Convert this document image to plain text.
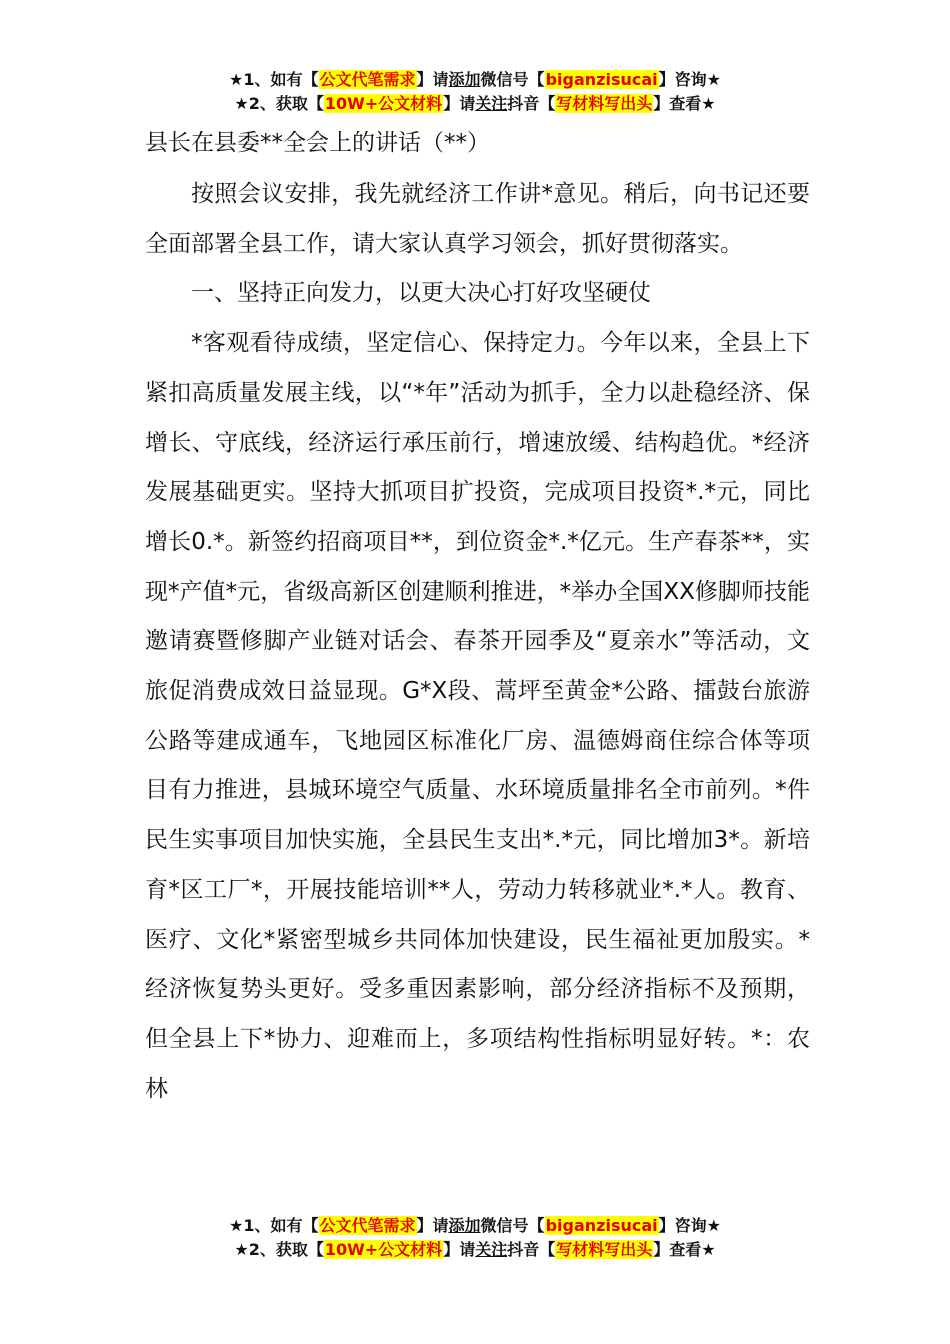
★1、如有【公文代笔需求】请添加微信号【biganzisucai】咨询★
★2、获取【10W+公文材料】请关注抖音【写材料写出头】查看★
县长在县委**全会上的讲话（**）

按照会议安排，我先就经济工作讲*意见。稍后，向书记还要全面部署全县工作，请大家认真学习领会，抓好贯彻落实。

一、坚持正向发力，以更大决心打好攻坚硬仗

*客观看待成绩，坚定信心、保持定力。今年以来，全县上下紧扣高质量发展主线，以“*年”活动为抓手，全力以赴稳经济、保增长、守底线，经济运行承压前行，增速放缓、结构趋优。*经济发展基础更实。坚持大抓项目扩投资，完成项目投资*.*元，同比增长0.*。新签约招商项目**，到位资金*.*亿元。生产春茶**，实现*产值*元，省级高新区创建顺利推进，*举办全国XX修脚师技能邀请赛暨修脚产业链对话会、春茶开园季及“夏亲水”等活动，文旅促消费成效日益显现。G*X段、蒿坪至黄金*公路、擂鼓台旅游公路等建成通车，飞地园区标准化厂房、温德姆商住综合体等项目有力推进，县城环境空气质量、水环境质量排名全市前列。*件民生实事项目加快实施，全县民生支出*.*元，同比增加3*。新培育*区工厂*，开展技能培训**人，劳动力转移就业*.*人。教育、医疗、文化*紧密型城乡共同体加快建设，民生福祉更加殷实。*经济恢复势头更好。受多重因素影响，部分经济指标不及预期，但全县上下*协力、迎难而上，多项结构性指标明显好转。*：农林

★1、如有【公文代笔需求】请添加微信号【biganzisucai】咨询★
★2、获取【10W+公文材料】请关注抖音【写材料写出头】查看★
